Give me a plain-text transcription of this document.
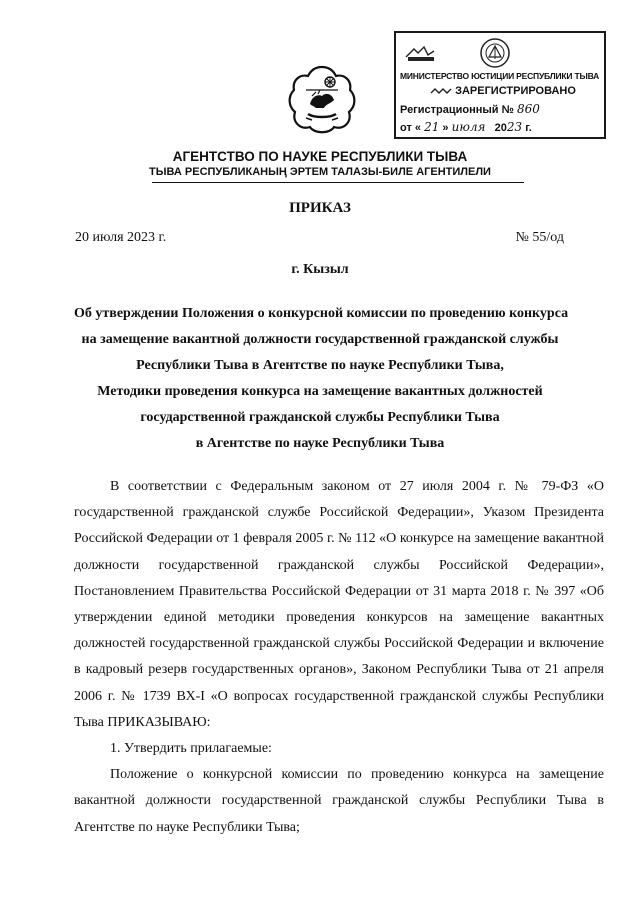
МИНИСТЕРСТВО ЮСТИЦИИ РЕСПУБЛИКИ ТЫВА
ЗАРЕГИСТРИРОВАНО
Регистрационный № 860
от « 21 » июля 2023 г.
АГЕНТСТВО ПО НАУКЕ РЕСПУБЛИКИ ТЫВА
ТЫВА РЕСПУБЛИКАНЫҢ ЭРТЕМ ТАЛАЗЫ-БИЛЕ АГЕНТИЛЕЛИ
ПРИКАЗ
20 июля 2023 г.	№ 55/од
г. Кызыл
Об утверждении Положения о конкурсной комиссии по проведению конкурса
на замещение вакантной должности государственной гражданской службы
Республики Тыва в Агентстве по науке Республики Тыва,
Методики проведения конкурса на замещение вакантных должностей
государственной гражданской службы Республики Тыва
в Агентстве по науке Республики Тыва

В соответствии с Федеральным законом от 27 июля 2004 г. № 79-ФЗ «О государственной гражданской службе Российской Федерации», Указом Президента Российской Федерации от 1 февраля 2005 г. № 112 «О конкурсе на замещение вакантной должности государственной гражданской службы Российской Федерации», Постановлением Правительства Российской Федерации от 31 марта 2018 г. № 397 «Об утверждении единой методики проведения конкурсов на замещение вакантных должностей государственной гражданской службы Российской Федерации и включение в кадровый резерв государственных органов», Законом Республики Тыва от 21 апреля 2006 г. № 1739 ВХ-I «О вопросах государственной гражданской службы Республики Тыва ПРИКАЗЫВАЮ:

1. Утвердить прилагаемые:

Положение о конкурсной комиссии по проведению конкурса на замещение вакантной должности государственной гражданской службы Республики Тыва в Агентстве по науке Республики Тыва;
